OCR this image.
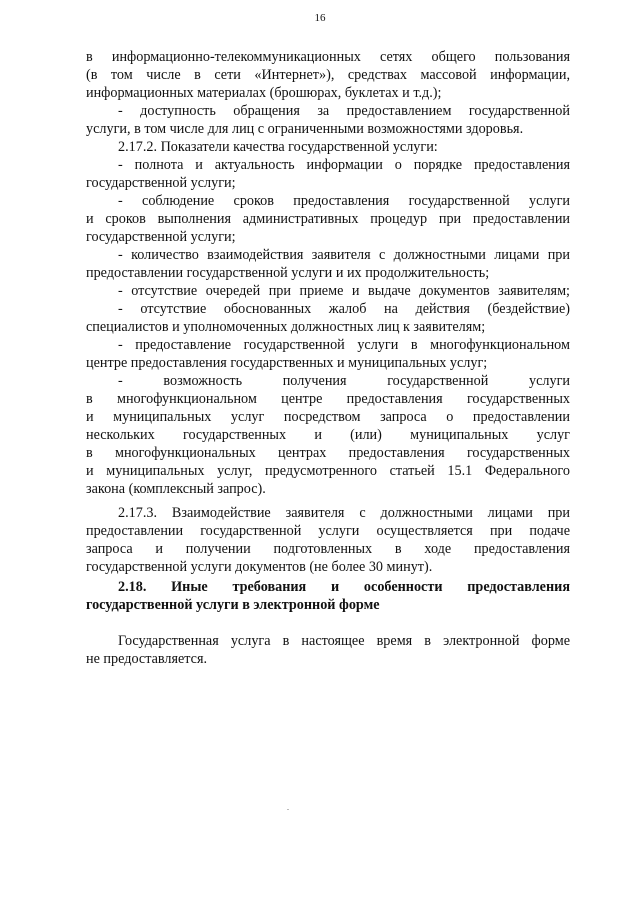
16
в информационно-телекоммуникационных сетях общего пользования
(в том числе в сети «Интернет»), средствах массовой информации,
информационных материалах (брошюрах, буклетах и т.д.);
- доступность обращения за предоставлением государственной
услуги, в том числе для лиц с ограниченными возможностями здоровья.
2.17.2. Показатели качества государственной услуги:
- полнота и актуальность информации о порядке предоставления
государственной услуги;
- соблюдение сроков предоставления государственной услуги
и сроков выполнения административных процедур при предоставлении
государственной услуги;
- количество взаимодействия заявителя с должностными лицами при
предоставлении государственной услуги и их продолжительность;
- отсутствие очередей при приеме и выдаче документов заявителям;
- отсутствие обоснованных жалоб на действия (бездействие)
специалистов и уполномоченных должностных лиц к заявителям;
- предоставление государственной услуги в многофункциональном
центре предоставления государственных и муниципальных услуг;
- возможность получения государственной услуги
в многофункциональном центре предоставления государственных
и муниципальных услуг посредством запроса о предоставлении
нескольких государственных и (или) муниципальных услуг
в многофункциональных центрах предоставления государственных
и муниципальных услуг, предусмотренного статьей 15.1 Федерального
закона (комплексный запрос).
2.17.3. Взаимодействие заявителя с должностными лицами при
предоставлении государственной услуги осуществляется при подаче
запроса и получении подготовленных в ходе предоставления
государственной услуги документов (не более 30 минут).
2.18. Иные требования и особенности предоставления
государственной услуги в электронной форме
Государственная услуга в настоящее время в электронной форме
не предоставляется.
